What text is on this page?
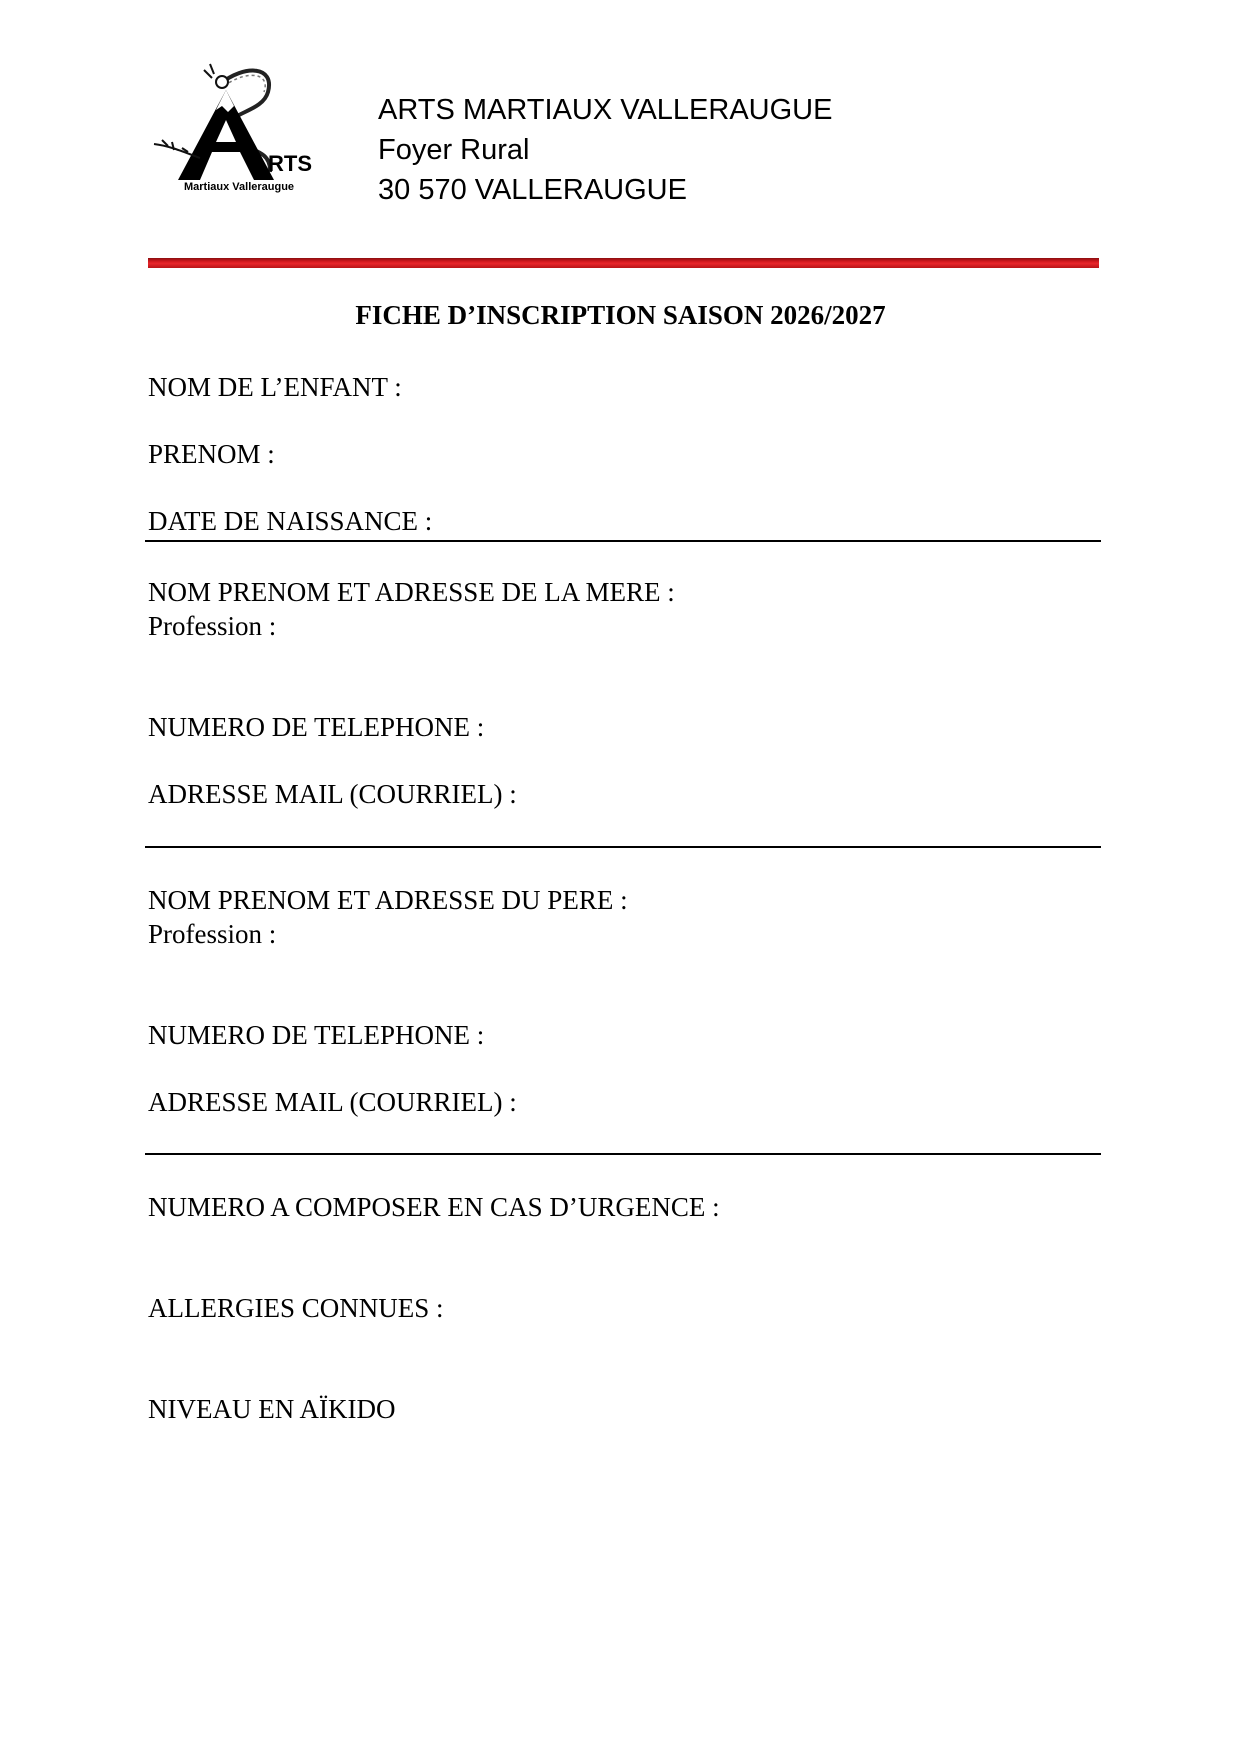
RTS
Martiaux Valleraugue
ARTS MARTIAUX VALLERAUGUE
Foyer Rural
30 570 VALLERAUGUE
FICHE D’INSCRIPTION SAISON 2026/2027
NOM DE L’ENFANT :
PRENOM :
DATE DE NAISSANCE :
NOM PRENOM ET ADRESSE DE LA MERE :
Profession :
NUMERO DE TELEPHONE :
ADRESSE MAIL (COURRIEL) :
NOM PRENOM ET ADRESSE DU PERE :
Profession :
NUMERO DE TELEPHONE :
ADRESSE MAIL (COURRIEL) :
NUMERO A COMPOSER EN CAS D’URGENCE :
ALLERGIES CONNUES :
NIVEAU EN AÏKIDO
